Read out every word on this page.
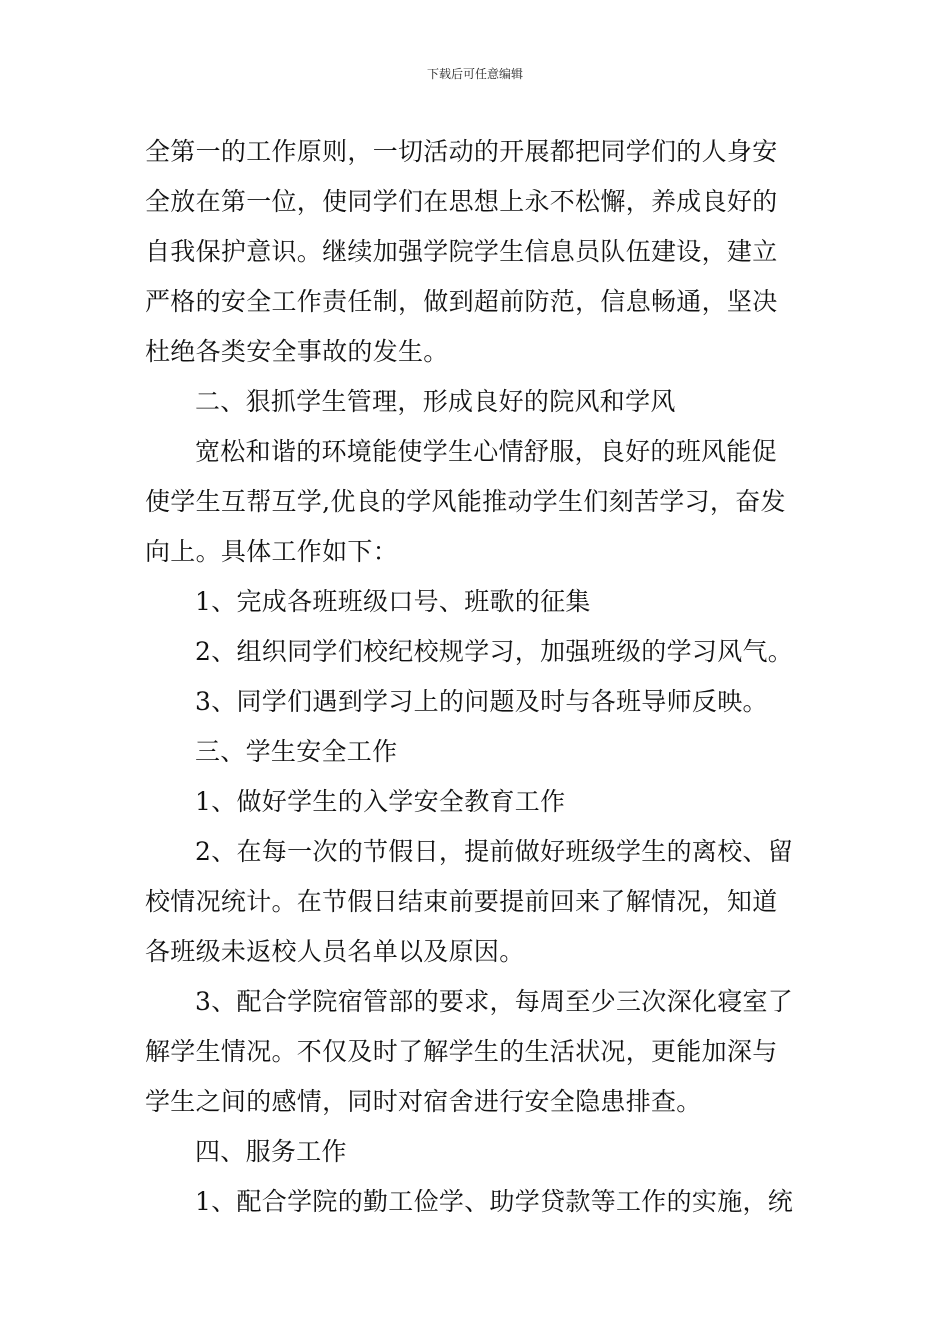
下载后可任意编辑
全第一的工作原则，一切活动的开展都把同学们的人身安
全放在第一位，使同学们在思想上永不松懈，养成良好的
自我保护意识。继续加强学院学生信息员队伍建设，建立
严格的安全工作责任制，做到超前防范，信息畅通，坚决
杜绝各类安全事故的发生。
二、狠抓学生管理，形成良好的院风和学风
宽松和谐的环境能使学生心情舒服，良好的班风能促
使学生互帮互学,优良的学风能推动学生们刻苦学习，奋发
向上。具体工作如下：
1、完成各班班级口号、班歌的征集
2、组织同学们校纪校规学习，加强班级的学习风气。
3、同学们遇到学习上的问题及时与各班导师反映。
三、学生安全工作
1、做好学生的入学安全教育工作
2、在每一次的节假日，提前做好班级学生的离校、留
校情况统计。在节假日结束前要提前回来了解情况，知道
各班级未返校人员名单以及原因。
3、配合学院宿管部的要求，每周至少三次深化寝室了
解学生情况。不仅及时了解学生的生活状况，更能加深与
学生之间的感情，同时对宿舍进行安全隐患排查。
四、服务工作
1、配合学院的勤工俭学、助学贷款等工作的实施，统
